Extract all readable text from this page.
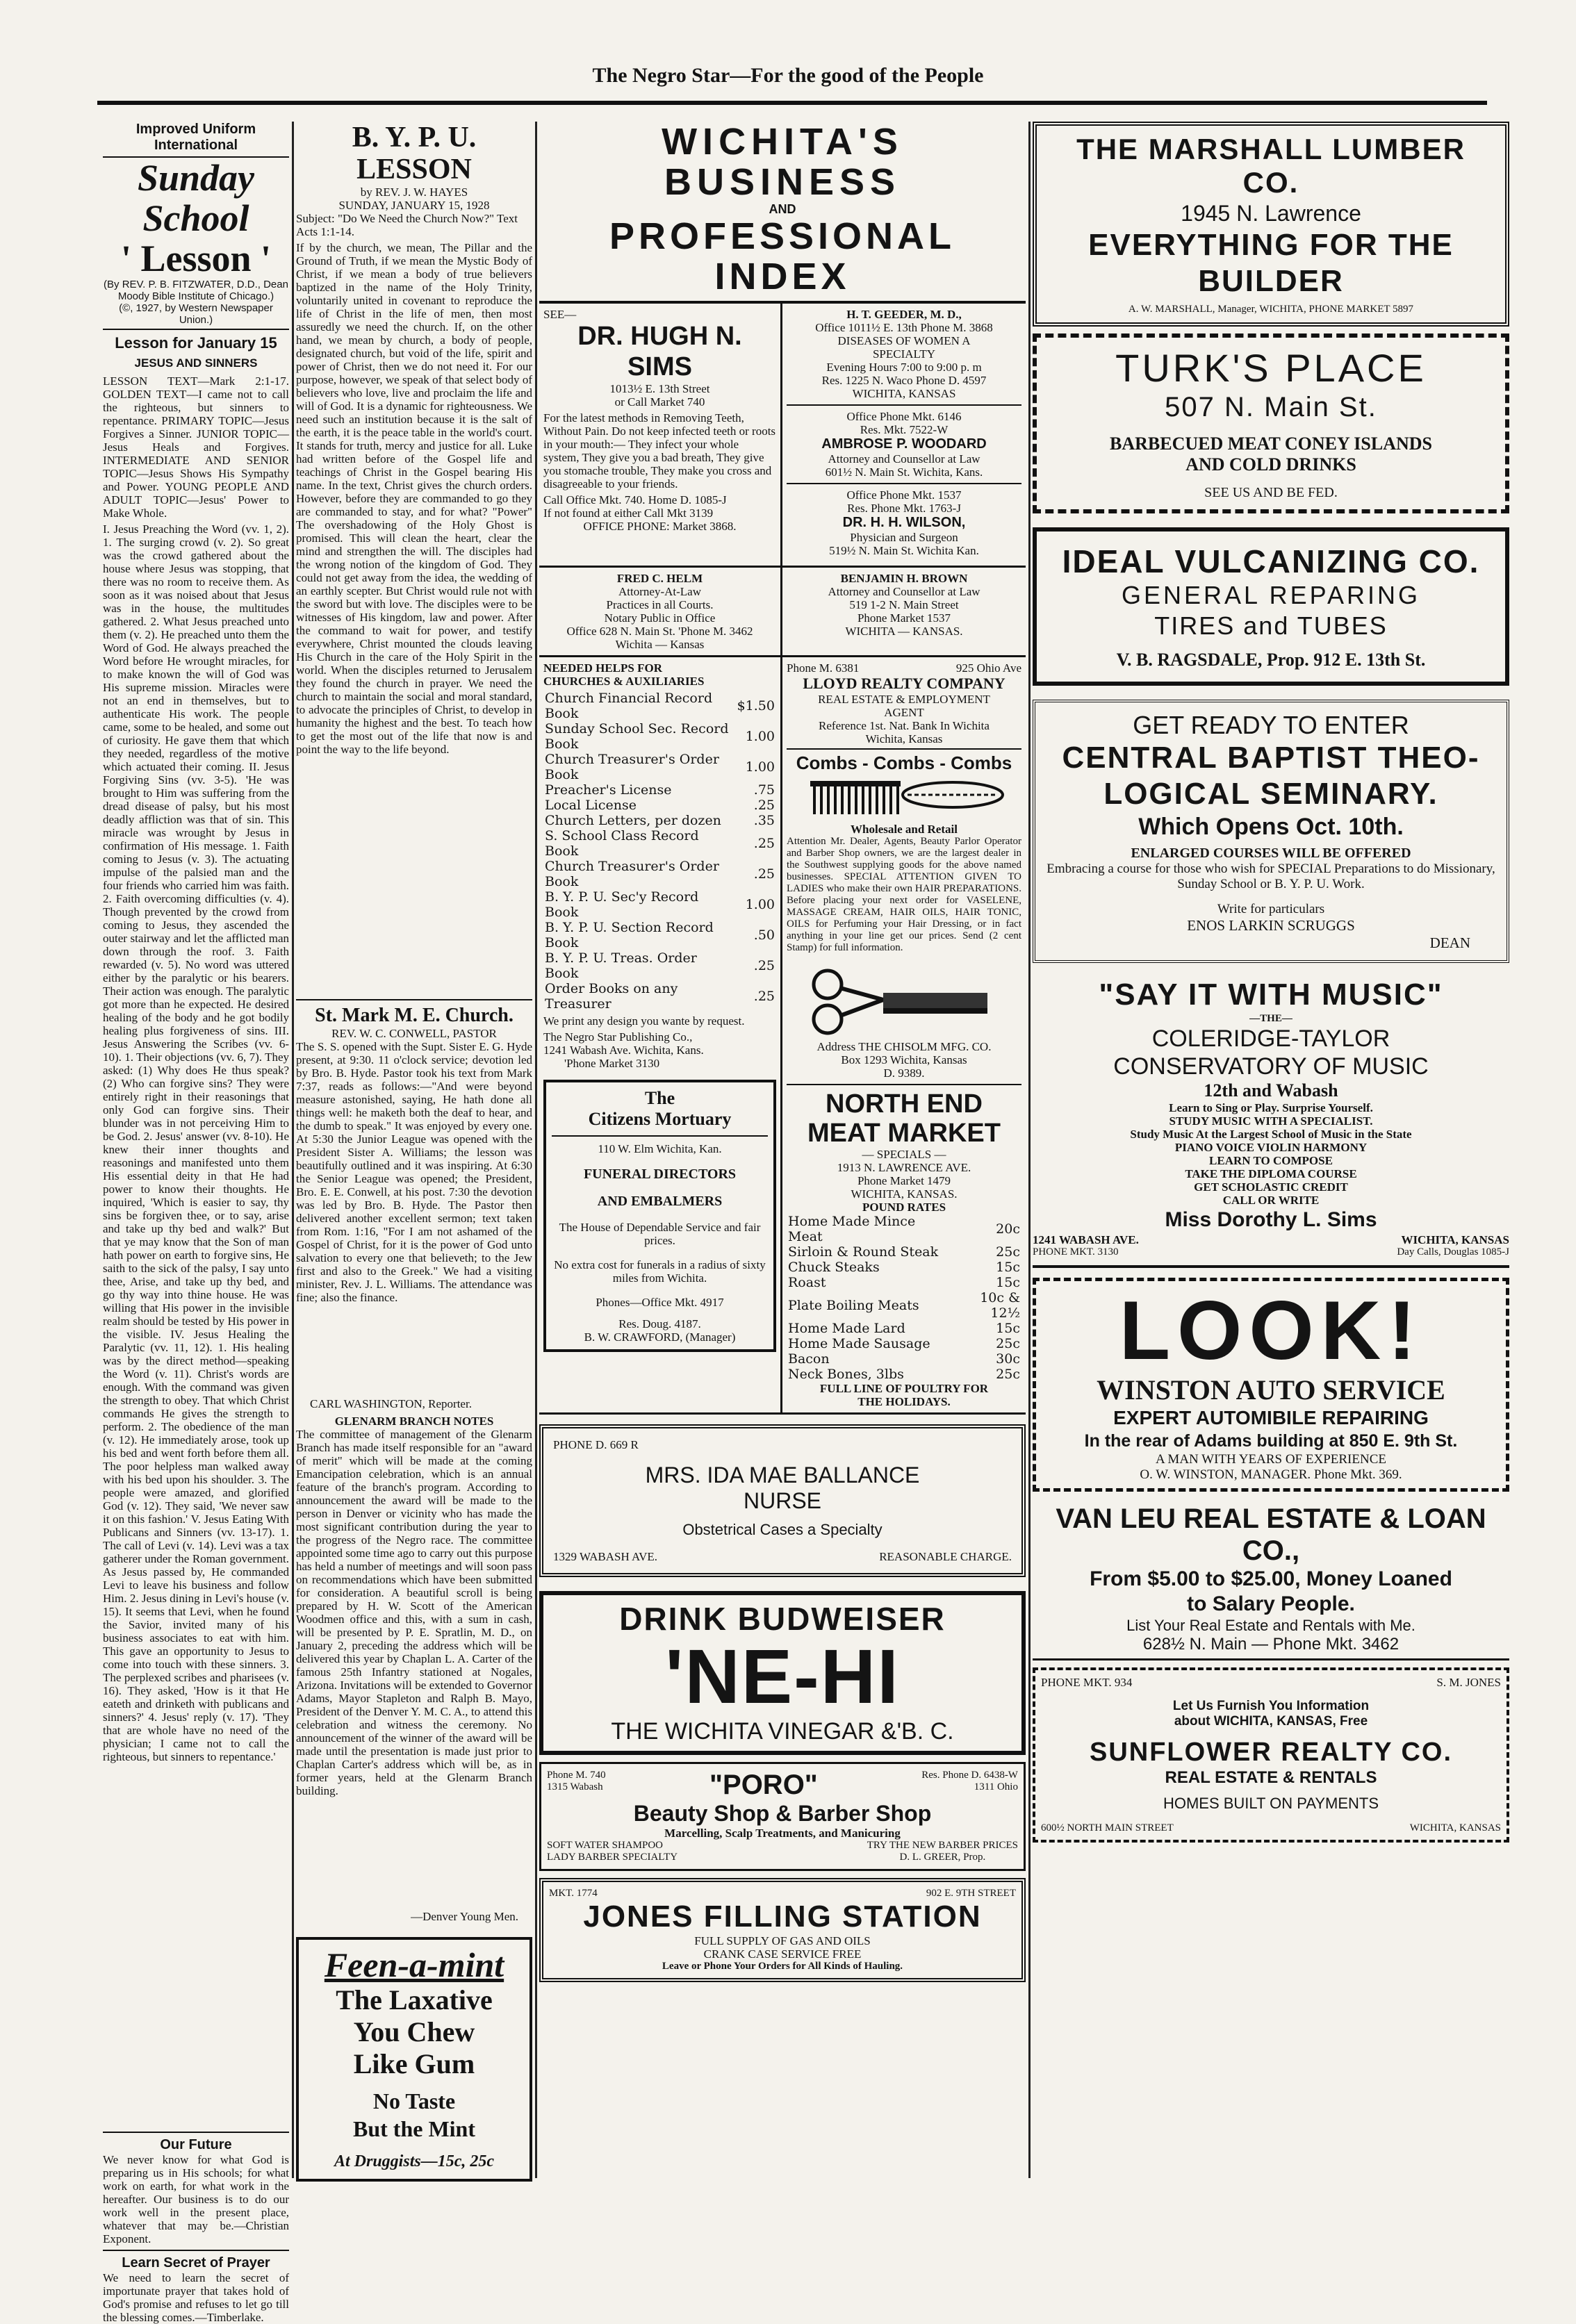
The Negro Star—For the good of the People
Improved Uniform International
Sunday School
' Lesson '
(By REV. P. B. FITZWATER, D.D., Dean Moody Bible Institute of Chicago.)
(©, 1927, by Western Newspaper Union.)
Lesson for January 15
JESUS AND SINNERS

LESSON TEXT—Mark 2:1-17. GOLDEN TEXT—I came not to call the righteous, but sinners to repentance. PRIMARY TOPIC—Jesus Forgives a Sinner. JUNIOR TOPIC—Jesus Heals and Forgives. INTERMEDIATE AND SENIOR TOPIC—Jesus Shows His Sympathy and Power. YOUNG PEOPLE AND ADULT TOPIC—Jesus' Power to Make Whole.

I. Jesus Preaching the Word (vv. 1, 2). 1. The surging crowd (v. 2). So great was the crowd gathered about the house where Jesus was stopping, that there was no room to receive them. As soon as it was noised about that Jesus was in the house, the multitudes gathered. 2. What Jesus preached unto them (v. 2). He preached unto them the Word of God. He always preached the Word before He wrought miracles, for to make known the will of God was His supreme mission. Miracles were not an end in themselves, but to authenticate His work. The people came, some to be healed, and some out of curiosity. He gave them that which they needed, regardless of the motive which actuated their coming. II. Jesus Forgiving Sins (vv. 3-5). 'He was brought to Him was suffering from the dread disease of palsy, but his most deadly affliction was that of sin. This miracle was wrought by Jesus in confirmation of His message. 1. Faith coming to Jesus (v. 3). The actuating impulse of the palsied man and the four friends who carried him was faith. 2. Faith overcoming difficulties (v. 4). Though prevented by the crowd from coming to Jesus, they ascended the outer stairway and let the afflicted man down through the roof. 3. Faith rewarded (v. 5). No word was uttered either by the paralytic or his bearers. Their action was enough. The paralytic got more than he expected. He desired healing of the body and he got bodily healing plus forgiveness of sins. III. Jesus Answering the Scribes (vv. 6-10). 1. Their objections (vv. 6, 7). They asked: (1) Why does He thus speak? (2) Who can forgive sins? They were entirely right in their reasonings that only God can forgive sins. Their blunder was in not perceiving Him to be God. 2. Jesus' answer (vv. 8-10). He knew their inner thoughts and reasonings and manifested unto them His essential deity in that He had power to know their thoughts. He inquired, 'Which is easier to say, thy sins be forgiven thee, or to say, arise and take up thy bed and walk?' But that ye may know that the Son of man hath power on earth to forgive sins, He saith to the sick of the palsy, I say unto thee, Arise, and take up thy bed, and go thy way into thine house. He was willing that His power in the invisible realm should be tested by His power in the visible. IV. Jesus Healing the Paralytic (vv. 11, 12). 1. His healing was by the direct method—speaking the Word (v. 11). Christ's words are enough. With the command was given the strength to obey. That which Christ commands He gives the strength to perform. 2. The obedience of the man (v. 12). He immediately arose, took up his bed and went forth before them all. The poor helpless man walked away with his bed upon his shoulder. 3. The people were amazed, and glorified God (v. 12). They said, 'We never saw it on this fashion.' V. Jesus Eating With Publicans and Sinners (vv. 13-17). 1. The call of Levi (v. 14). Levi was a tax gatherer under the Roman government. As Jesus passed by, He commanded Levi to leave his business and follow Him. 2. Jesus dining in Levi's house (v. 15). It seems that Levi, when he found the Savior, invited many of his business associates to eat with him. This gave an opportunity to Jesus to come into touch with these sinners. 3. The perplexed scribes and pharisees (v. 16). They asked, 'How is it that He eateth and drinketh with publicans and sinners?' 4. Jesus' reply (v. 17). 'They that are whole have no need of the physician; I came not to call the righteous, but sinners to repentance.'

Our Future

We never know for what God is preparing us in His schools; for what work on earth, for what work in the hereafter. Our business is to do our work well in the present place, whatever that may be.—Christian Exponent.

Learn Secret of Prayer

We need to learn the secret of importunate prayer that takes hold of God's promise and refuses to let go till the blessing comes.—Timberlake.

B. Y. P. U. LESSON
by REV. J. W. HAYES
SUNDAY, JANUARY 15, 1928

Subject: "Do We Need the Church Now?" Text Acts 1:1-14.

If by the church, we mean, The Pillar and the Ground of Truth, if we mean the Mystic Body of Christ, if we mean a body of true believers baptized in the name of the Holy Trinity, voluntarily united in covenant to reproduce the life of Christ in the life of men, then most assuredly we need the church. If, on the other hand, we mean by church, a body of people, designated church, but void of the life, spirit and power of Christ, then we do not need it. For our purpose, however, we speak of that select body of believers who love, live and proclaim the life and will of God. It is a dynamic for righteousness. We need such an institution because it is the salt of the earth, it is the peace table in the world's court. It stands for truth, mercy and justice for all. Luke had written before of the Gospel life and teachings of Christ in the Gospel bearing His name. In the text, Christ gives the church orders. However, before they are commanded to go they are commanded to stay, and for what? "Power" The overshadowing of the Holy Ghost is promised. This will clean the heart, clear the mind and strengthen the will. The disciples had the wrong notion of the kingdom of God. They could not get away from the idea, the wedding of an earthly scepter. But Christ would rule not with the sword but with love. The disciples were to be witnesses of His kingdom, law and power. After the command to wait for power, and testify everywhere, Christ mounted the clouds leaving His Church in the care of the Holy Spirit in the world. When the disciples returned to Jerusalem they found the church in prayer. We need the church to maintain the social and moral standard, to advocate the principles of Christ, to develop in humanity the highest and the best. To teach how to get the most out of the life that now is and point the way to the life beyond.

St. Mark M. E. Church.
REV. W. C. CONWELL, PASTOR

The S. S. opened with the Supt. Sister E. G. Hyde present, at 9:30. 11 o'clock service; devotion led by Bro. B. Hyde. Pastor took his text from Mark 7:37, reads as follows:—"And were beyond measure astonished, saying, He hath done all things well: he maketh both the deaf to hear, and the dumb to speak." It was enjoyed by every one. At 5:30 the Junior League was opened with the President Sister A. Williams; the lesson was beautifully outlined and it was inspiring. At 6:30 the Senior League was opened; the President, Bro. E. E. Conwell, at his post. 7:30 the devotion was led by Bro. B. Hyde. The Pastor then delivered another excellent sermon; text taken from Rom. 1:16, "For I am not ashamed of the Gospel of Christ, for it is the power of God unto salvation to every one that believeth; to the Jew first and also to the Greek." We had a visiting minister, Rev. J. L. Williams. The attendance was fine; also the finance.

CARL WASHINGTON, Reporter.
GLENARM BRANCH NOTES

The committee of management of the Glenarm Branch has made itself responsible for an "award of merit" which will be made at the coming Emancipation celebration, which is an annual feature of the branch's program. According to announcement the award will be made to the person in Denver or vicinity who has made the most significant contribution during the year to the progress of the Negro race. The committee appointed some time ago to carry out this purpose has held a number of meetings and will soon pass on recommendations which have been submitted for consideration. A beautiful scroll is being prepared by H. W. Scott of the American Woodmen office and this, with a sum in cash, will be presented by P. E. Spratlin, M. D., on January 2, preceding the address which will be delivered this year by Chaplan L. A. Carter of the famous 25th Infantry stationed at Nogales, Arizona. Invitations will be extended to Governor Adams, Mayor Stapleton and Ralph B. Mayo, President of the Denver Y. M. C. A., to attend this celebration and witness the ceremony. No announcement of the winner of the award will be made until the presentation is made just prior to Chaplan Carter's address which will be, as in former years, held at the Glenarm Branch building.

—Denver Young Men.
Feen-a-mint
The Laxative
You Chew
Like Gum
No Taste
But the Mint
At Druggists—15c, 25c
WICHITA'S BUSINESS
AND
PROFESSIONAL INDEX
SEE—
DR. HUGH N. SIMS
1013½ E. 13th Street
or Call Market 740

For the latest methods in Removing Teeth, Without Pain. Do not keep infected teeth or roots in your mouth:— They infect your whole system, They give you a bad breath, They give you stomache trouble, They make you cross and disagreeable to your friends.

Call Office Mkt. 740. Home D. 1085-J
If not found at either Call Mkt 3139
OFFICE PHONE: Market 3868.
H. T. GEEDER, M. D.,
Office 1011½ E. 13th Phone M. 3868
DISEASES OF WOMEN A
SPECIALTY
Evening Hours 7:00 to 9:00 p. m
Res. 1225 N. Waco Phone D. 4597
WICHITA, KANSAS
Office Phone Mkt. 6146
Res. Mkt. 7522-W
AMBROSE P. WOODARD
Attorney and Counsellor at Law
601½ N. Main St. Wichita, Kans.
Office Phone Mkt. 1537
Res. Phone Mkt. 1763-J
DR. H. H. WILSON,
Physician and Surgeon
519½ N. Main St. Wichita Kan.
FRED C. HELM
Attorney-At-Law
Practices in all Courts.
Notary Public in Office
Office 628 N. Main St. 'Phone M. 3462
Wichita — Kansas
BENJAMIN H. BROWN
Attorney and Counsellor at Law
519 1-2 N. Main Street
Phone Market 1537
WICHITA — KANSAS.
NEEDED HELPS FOR
CHURCHES & AUXILIARIES
Church Financial Record Book	$1.50
Sunday School Sec. Record Book	1.00
Church Treasurer's Order Book	1.00
Preacher's License	.75
Local License	.25
Church Letters, per dozen	.35
S. School Class Record Book	.25
Church Treasurer's Order Book	.25
B. Y. P. U. Sec'y Record Book	1.00
B. Y. P. U. Section Record Book	.50
B. Y. P. U. Treas. Order Book	.25
Order Books on any Treasurer	.25

We print any design you wante by request.

The Negro Star Publishing Co.,
1241 Wabash Ave. Wichita, Kans.
'Phone Market 3130
The
Citizens Mortuary
110 W. Elm Wichita, Kan.
FUNERAL DIRECTORS
AND EMBALMERS
The House of Dependable Service and fair prices.
No extra cost for funerals in a radius of sixty miles from Wichita.
Phones—Office Mkt. 4917
Res. Doug. 4187.
B. W. CRAWFORD, (Manager)
Phone M. 6381	925 Ohio Ave
LLOYD REALTY COMPANY
REAL ESTATE & EMPLOYMENT
AGENT
Reference 1st. Nat. Bank In Wichita
Wichita, Kansas
Combs - Combs - Combs
Wholesale and Retail

Attention Mr. Dealer, Agents, Beauty Parlor Operator and Barber Shop owners, we are the largest dealer in the Southwest supplying goods for the above named businesses. SPECIAL ATTENTION GIVEN TO LADIES who make their own HAIR PREPARATIONS. Before placing your next order for VASELENE, MASSAGE CREAM, HAIR OILS, HAIR TONIC, OILS for Perfuming your Hair Dressing, or in fact anything in your line get our prices. Send (2 cent Stamp) for full information.

Address THE CHISOLM MFG. CO.
Box 1293 Wichita, Kansas
D. 9389.
NORTH END
MEAT MARKET
— SPECIALS —
1913 N. LAWRENCE AVE.
Phone Market 1479
WICHITA, KANSAS.
POUND RATES
Home Made Mince Meat	20c
Sirloin & Round Steak	25c
Chuck Steaks	15c
Roast	15c
Plate Boiling Meats	10c & 12½
Home Made Lard	15c
Home Made Sausage	25c
Bacon	30c
Neck Bones, 3lbs	25c
FULL LINE OF POULTRY FOR
THE HOLIDAYS.
PHONE D. 669 R
MRS. IDA MAE BALLANCE
NURSE
Obstetrical Cases a Specialty
1329 WABASH AVE.	REASONABLE CHARGE.
DRINK BUDWEISER
'NE-HI
THE WICHITA VINEGAR &'B. C.
Phone M. 740
1315 Wabash	"PORO"	Res. Phone D. 6438-W
1311 Ohio
Beauty Shop & Barber Shop
Marcelling, Scalp Treatments, and Manicuring
SOFT WATER SHAMPOO
LADY BARBER SPECIALTY
TRY THE NEW BARBER PRICES
D. L. GREER, Prop.
MKT. 1774	902 E. 9TH STREET
JONES FILLING STATION
FULL SUPPLY OF GAS AND OILS
CRANK CASE SERVICE FREE
Leave or Phone Your Orders for All Kinds of Hauling.
THE MARSHALL LUMBER CO.
1945 N. Lawrence
EVERYTHING FOR THE
BUILDER
A. W. MARSHALL, Manager, WICHITA, PHONE MARKET 5897
TURK'S PLACE
507 N. Main St.
BARBECUED MEAT CONEY ISLANDS
AND COLD DRINKS
SEE US AND BE FED.
IDEAL VULCANIZING CO.
GENERAL REPARING
TIRES and TUBES
V. B. RAGSDALE, Prop. 912 E. 13th St.
GET READY TO ENTER
CENTRAL BAPTIST THEO-
LOGICAL SEMINARY.
Which Opens Oct. 10th.
ENLARGED COURSES WILL BE OFFERED
Embracing a course for those who wish for SPECIAL Preparations to do Missionary, Sunday School or B. Y. P. U. Work.
Write for particulars
ENOS LARKIN SCRUGGS
DEAN
"SAY IT WITH MUSIC"
—THE—
COLERIDGE-TAYLOR
CONSERVATORY OF MUSIC
12th and Wabash
Learn to Sing or Play. Surprise Yourself.
STUDY MUSIC WITH A SPECIALIST.
Study Music At the Largest School of Music in the State
PIANO VOICE VIOLIN HARMONY
LEARN TO COMPOSE
TAKE THE DIPLOMA COURSE
GET SCHOLASTIC CREDIT
CALL OR WRITE
Miss Dorothy L. Sims
1241 WABASH AVE.	WICHITA, KANSAS
PHONE MKT. 3130	Day Calls, Douglas 1085-J
LOOK!
WINSTON AUTO SERVICE
EXPERT AUTOMIBILE REPAIRING
In the rear of Adams building at 850 E. 9th St.
A MAN WITH YEARS OF EXPERIENCE
O. W. WINSTON, MANAGER. Phone Mkt. 369.
VAN LEU REAL ESTATE & LOAN CO.,
From $5.00 to $25.00, Money Loaned
to Salary People.
List Your Real Estate and Rentals with Me.
628½ N. Main — Phone Mkt. 3462
PHONE MKT. 934	S. M. JONES
Let Us Furnish You Information
about WICHITA, KANSAS, Free
SUNFLOWER REALTY CO.
REAL ESTATE & RENTALS
HOMES BUILT ON PAYMENTS
600½ NORTH MAIN STREET	WICHITA, KANSAS
